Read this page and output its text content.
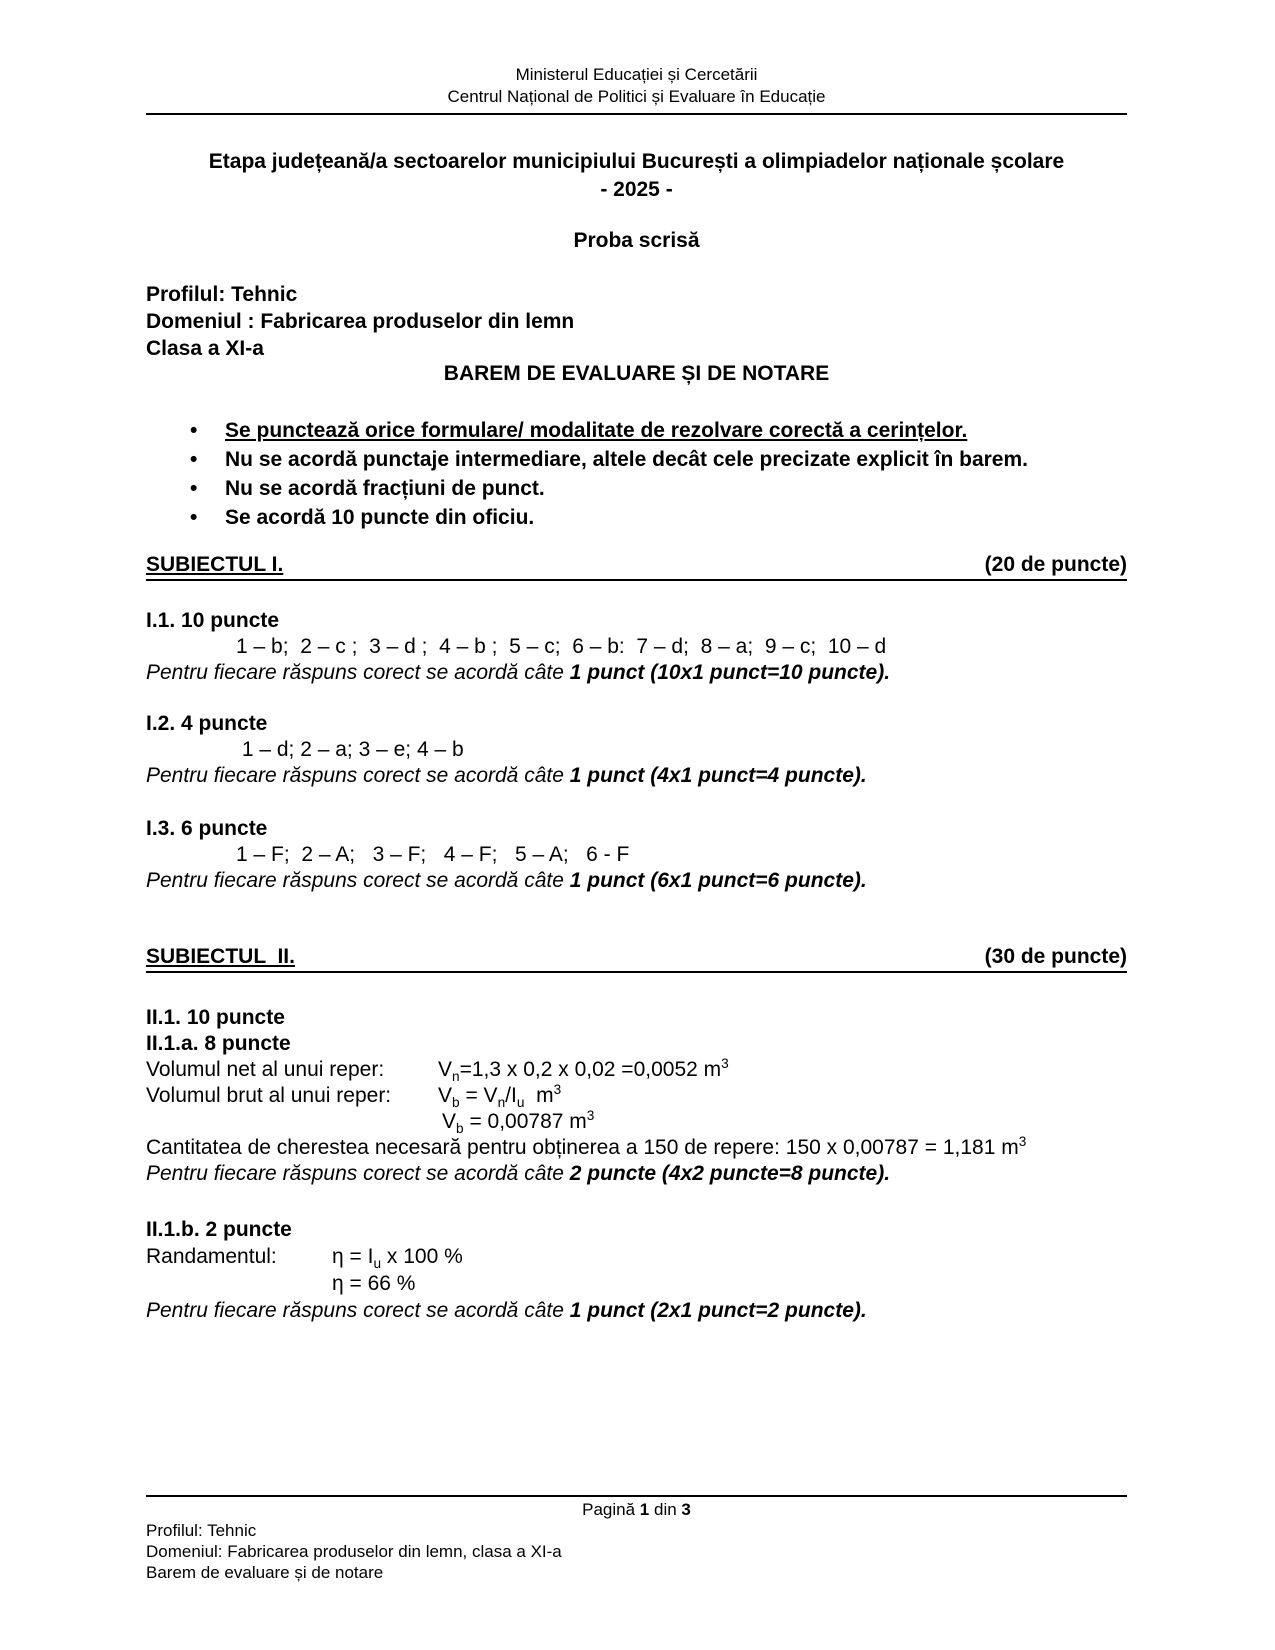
Ministerul Educației și Cercetării
Centrul Național de Politici și Evaluare în Educație
Etapa județeană/a sectoarelor municipiului București a olimpiadelor naționale școlare
- 2025 -
Proba scrisă
Profilul: Tehnic
Domeniul : Fabricarea produselor din lemn
Clasa a XI-a
BAREM DE EVALUARE ȘI DE NOTARE
• Se punctează orice formulare/ modalitate de rezolvare corectă a cerințelor.
• Nu se acordă punctaje intermediare, altele decât cele precizate explicit în barem.
• Nu se acordă fracțiuni de punct.
• Se acordă 10 puncte din oficiu.
SUBIECTUL I.	(20 de puncte)
I.1. 10 puncte
1 – b;  2 – c ;  3 – d ;  4 – b ;  5 – c;  6 – b:  7 – d;  8 – a;  9 – c;  10 – d
Pentru fiecare răspuns corect se acordă câte 1 punct (10x1 punct=10 puncte).
I.2. 4 puncte
1 – d; 2 – a; 3 – e; 4 – b
Pentru fiecare răspuns corect se acordă câte 1 punct (4x1 punct=4 puncte).
I.3. 6 puncte
1 – F;  2 – A;   3 – F;   4 – F;   5 – A;   6 - F
Pentru fiecare răspuns corect se acordă câte 1 punct (6x1 punct=6 puncte).
SUBIECTUL  II.	(30 de puncte)
II.1. 10 puncte
II.1.a. 8 puncte
Volumul net al unui reper:	$V_n=1,3$ x 0,2 x 0,02 =0,0052 $m^3$
Volumul brut al unui reper: $V_b = V_n/I_u$  $m^3$
$V_b = 0,00787$ $m^3$
Cantitatea de cherestea necesară pentru obținerea a 150 de repere: 150 x 0,00787 = 1,181 $m^3$
Pentru fiecare răspuns corect se acordă câte 2 puncte (4x2 puncte=8 puncte).
II.1.b. 2 puncte
Randamentul:	$\eta = I_u$ x 100 %
η = 66 %
Pentru fiecare răspuns corect se acordă câte 1 punct (2x1 punct=2 puncte).
Pagină 1 din 3
Profilul: Tehnic
Domeniul: Fabricarea produselor din lemn, clasa a XI-a
Barem de evaluare și de notare
